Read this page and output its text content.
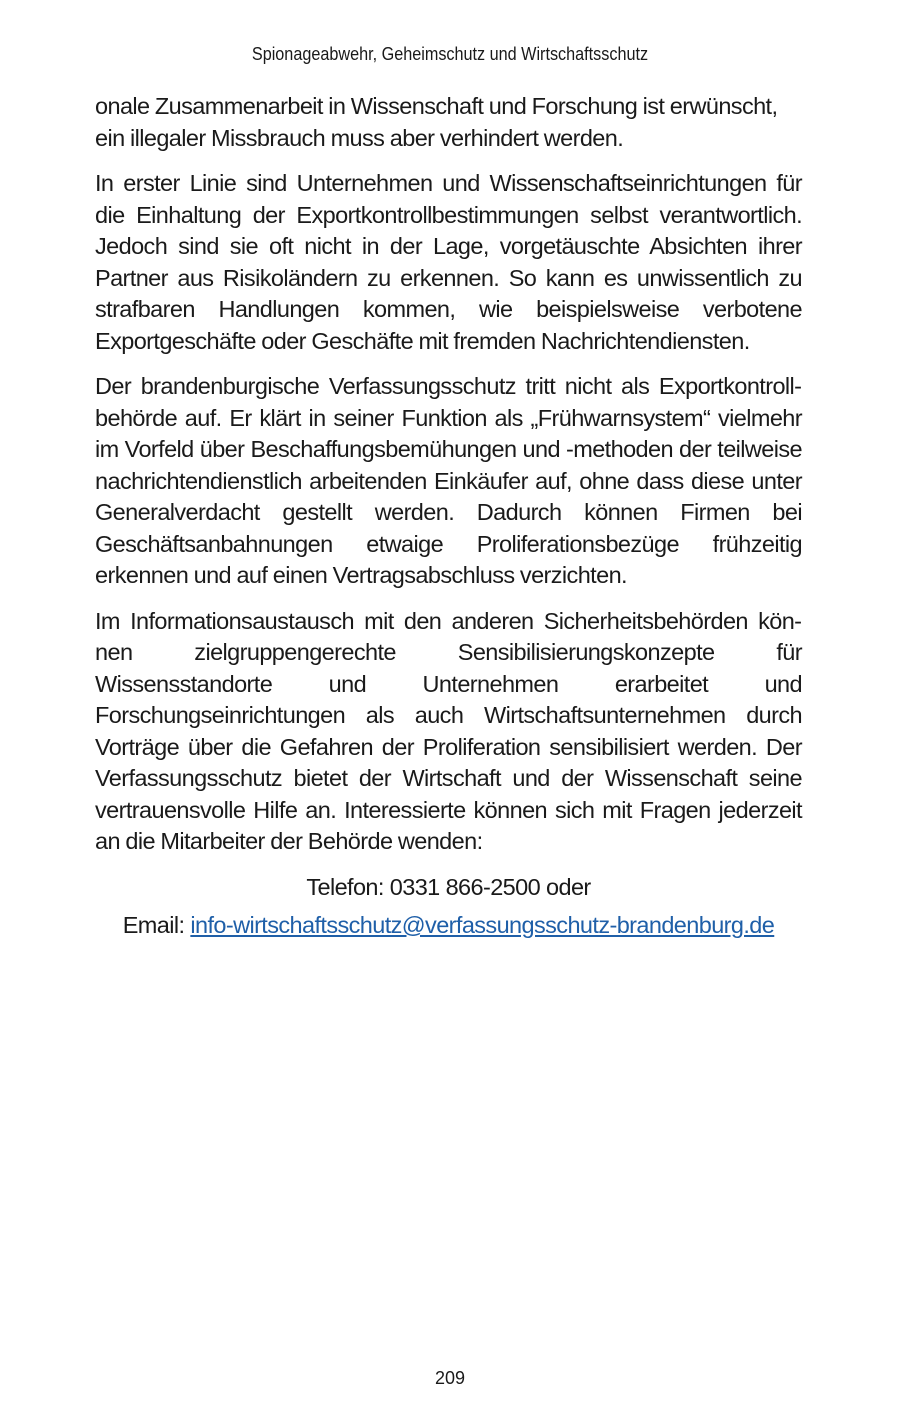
Spionageabwehr, Geheimschutz und Wirtschaftsschutz

onale Zusammenarbeit in Wissenschaft und Forschung ist erwünscht, ein illegaler Missbrauch muss aber verhindert werden.

In erster Linie sind Unternehmen und Wissenschaftseinrichtungen für die Einhaltung der Exportkontrollbestimmungen selbst verantwortlich. Jedoch sind sie oft nicht in der Lage, vorgetäuschte Absichten ihrer Partner aus Risikoländern zu erkennen. So kann es unwissentlich zu strafbaren Handlungen kommen, wie beispielsweise verbotene Exportgeschäfte oder Geschäfte mit fremden Nachrichtendiensten.

Der brandenburgische Verfassungsschutz tritt nicht als Exportkontrollbehörde auf. Er klärt in seiner Funktion als „Frühwarnsystem“ vielmehr im Vorfeld über Beschaffungsbemühungen und -methoden der teilweise nachrichtendienstlich arbeitenden Einkäufer auf, ohne dass diese unter Generalverdacht gestellt werden. Dadurch können Firmen bei Geschäftsanbahnungen etwaige Proliferationsbezüge frühzeitig erkennen und auf einen Vertragsabschluss verzichten.

Im Informationsaustausch mit den anderen Sicherheitsbehörden können zielgruppengerechte Sensibilisierungskonzepte für Wissensstandorte und Unternehmen erarbeitet und Forschungseinrichtungen als auch Wirtschaftsunternehmen durch Vorträge über die Gefahren der Proliferation sensibilisiert werden. Der Verfassungsschutz bietet der Wirtschaft und der Wissenschaft seine vertrauensvolle Hilfe an. Interessierte können sich mit Fragen jederzeit an die Mitarbeiter der Behörde wenden:

Telefon: 0331 866-2500 oder

Email: info-wirtschaftsschutz@verfassungsschutz-brandenburg.de

209
